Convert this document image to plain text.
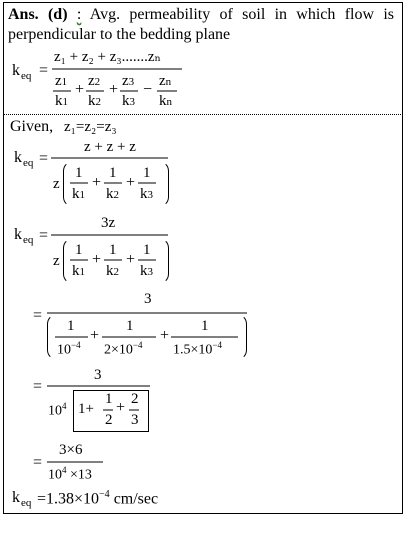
Ans. (d) : Avg. permeability of soil in which flow is perpendicular to the bedding plane
k eq =
z₁ + z₂ + z₃.......zₙ
z1
k1
+ z2
k2
+ z3
k3
− zn
kn
Given, z₁=z₂=z₃
k eq =
z + z + z
z
1
k1
+
1
k2
+
1
k3
k eq =
3z
z
1
k1
+
1
k2
+
1
k3
=
3
1
$10^{-4}$
+
1
$2\times 10^{-4}$
+
1
$1.5\times 10^{-4}$
=
3
$10^4$ 1+
1
2
+ 2
3
=
3×6
$10^4 \times 13$
k eq $=1.38\times 10^{-4}$ cm/sec
